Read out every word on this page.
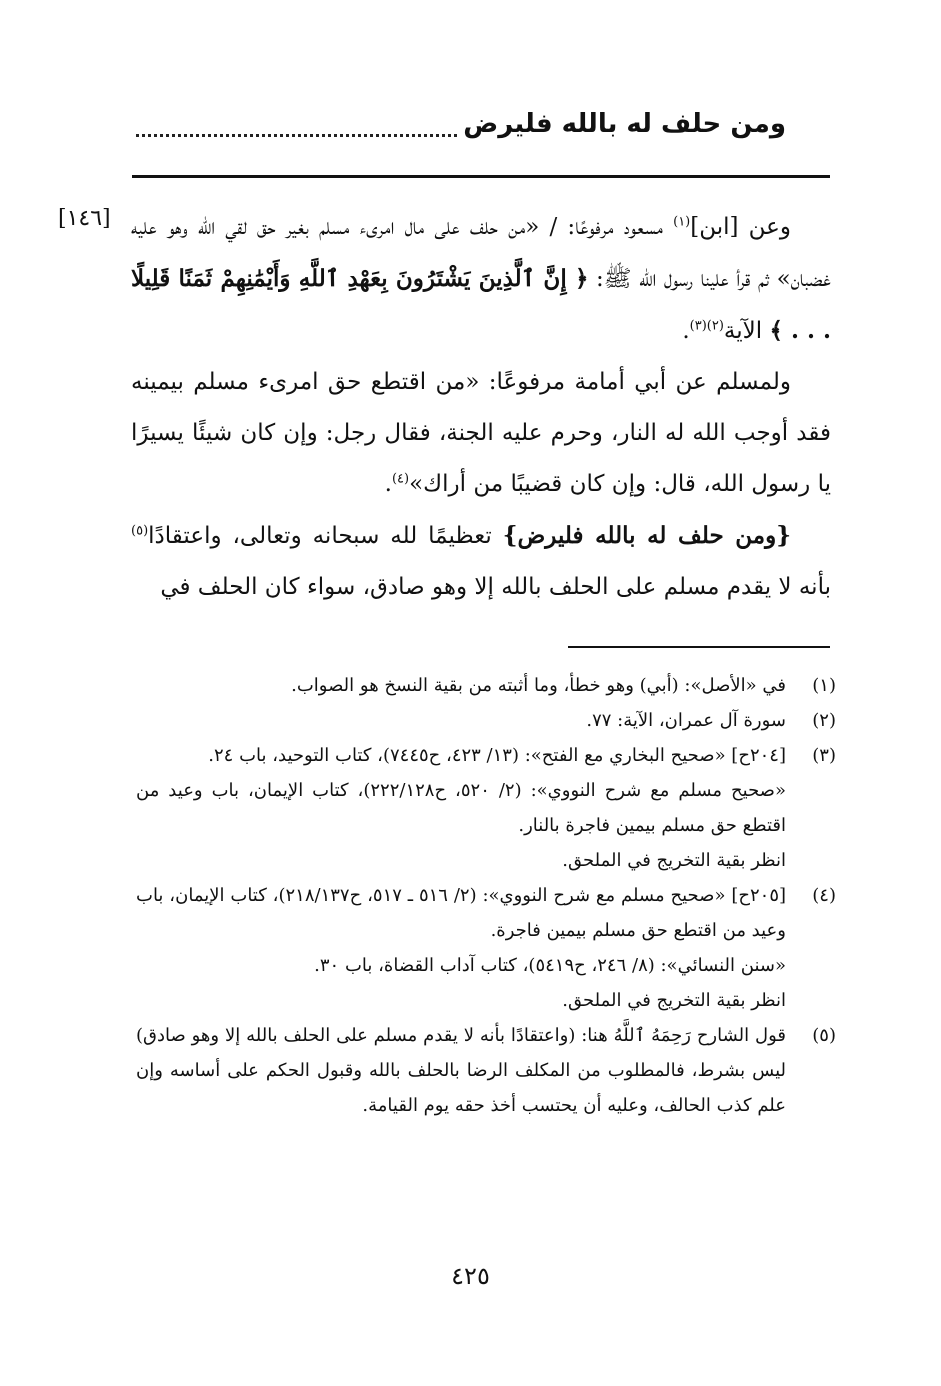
ومن حلف له بالله فليرض
[١٤٦]	وعن [ابن]$^{(١)}$ مسعود مرفوعًا: / «من حلف على مال امرىء مسلم بغير حق لقي الله وهو عليه غضبان» ثم قرأ علينا رسول الله ﷺ: ﴿ إِنَّ ٱلَّذِينَ يَشْتَرُونَ بِعَهْدِ ٱللَّهِ وَأَيْمَٰنِهِمْ ثَمَنًا قَلِيلًا . . . ﴾ الآية$^{(٢)(٣)}$.

ولمسلم عن أبي أمامة مرفوعًا: «من اقتطع حق امرىء مسلم بيمينه فقد أوجب الله له النار، وحرم عليه الجنة، فقال رجل: وإن كان شيئًا يسيرًا يا رسول الله، قال: وإن كان قضيبًا من أراك»$^{(٤)}$.

{ومن حلف له بالله فليرض} تعظيمًا لله سبحانه وتعالى، واعتقادًا$^{(٥)}$ بأنه لا يقدم مسلم على الحلف بالله إلا وهو صادق، سواء كان الحلف في

(١)
في «الأصل»: (أبي) وهو خطأ، وما أثبته من بقية النسخ هو الصواب.
(٢)
سورة آل عمران، الآية: ٧٧.
(٣)
[٢٠٤ح] «صحيح البخاري مع الفتح»: (١٣/ ٤٢٣، ح٧٤٤٥)، كتاب التوحيد، باب ٢٤.
«صحيح مسلم مع شرح النووي»: (٢/ ٥٢٠، ح٢٢٢/١٢٨)، كتاب الإيمان، باب وعيد من اقتطع حق مسلم بيمين فاجرة بالنار.
انظر بقية التخريج في الملحق.
(٤)
[٢٠٥ح] «صحيح مسلم مع شرح النووي»: (٢/ ٥١٦ ـ ٥١٧، ح٢١٨/١٣٧)، كتاب الإيمان، باب وعيد من اقتطع حق مسلم بيمين فاجرة.
«سنن النسائي»: (٨/ ٢٤٦، ح٥٤١٩)، كتاب آداب القضاة، باب ٣٠.
انظر بقية التخريج في الملحق.
(٥)
قول الشارح رَحِمَهُ ٱللَّهُ هنا: (واعتقادًا بأنه لا يقدم مسلم على الحلف بالله إلا وهو صادق) ليس بشرط، فالمطلوب من المكلف الرضا بالحلف بالله وقبول الحكم على أساسه وإن علم كذب الحالف، وعليه أن يحتسب أخذ حقه يوم القيامة.
٤٢٥
